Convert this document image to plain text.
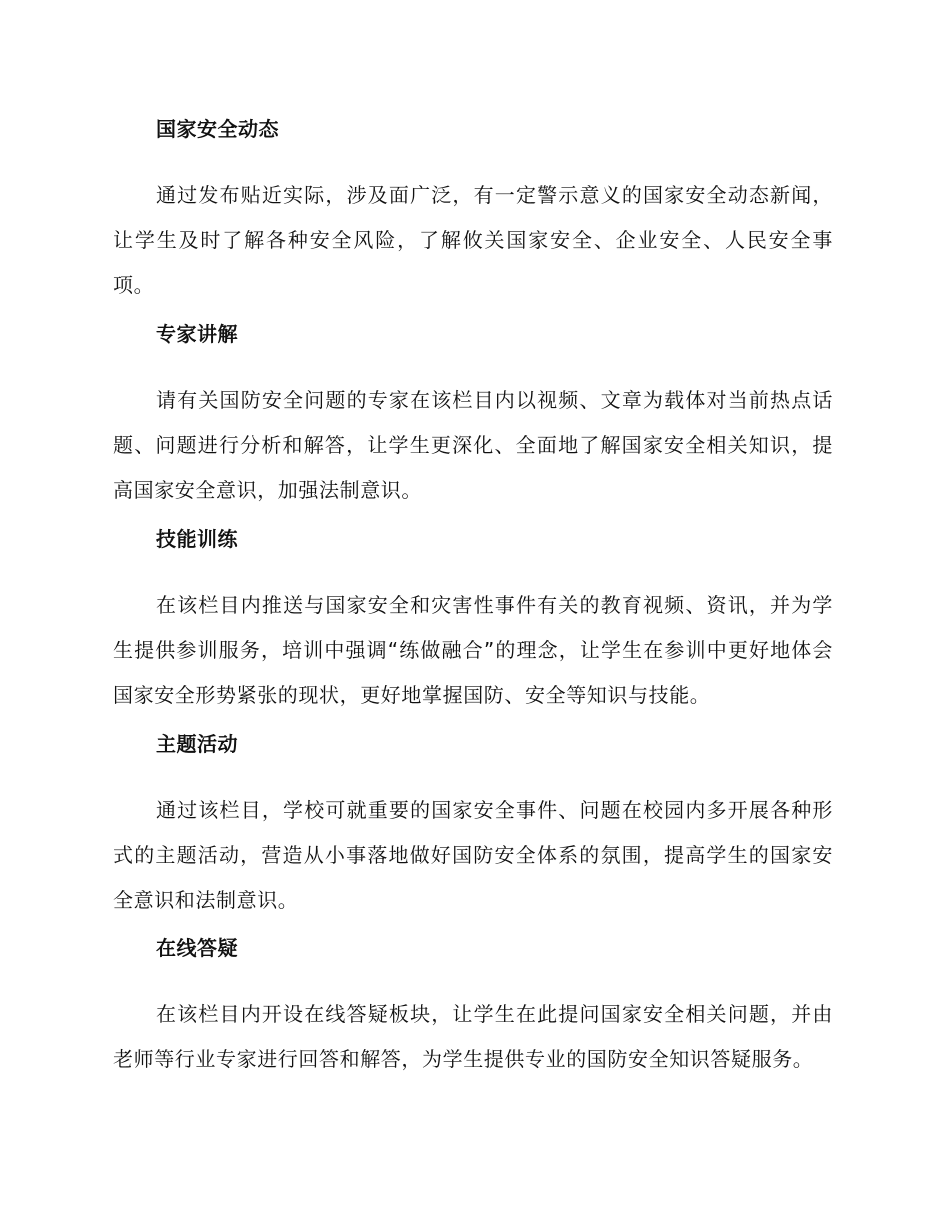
国家安全动态

通过发布贴近实际，涉及面广泛，有一定警示意义的国家安全动态新闻，让学生及时了解各种安全风险，了解攸关国家安全、企业安全、人民安全事项。

专家讲解

请有关国防安全问题的专家在该栏目内以视频、文章为载体对当前热点话题、问题进行分析和解答，让学生更深化、全面地了解国家安全相关知识，提高国家安全意识，加强法制意识。

技能训练

在该栏目内推送与国家安全和灾害性事件有关的教育视频、资讯，并为学生提供参训服务，培训中强调“练做融合”的理念，让学生在参训中更好地体会国家安全形势紧张的现状，更好地掌握国防、安全等知识与技能。

主题活动

通过该栏目，学校可就重要的国家安全事件、问题在校园内多开展各种形式的主题活动，营造从小事落地做好国防安全体系的氛围，提高学生的国家安全意识和法制意识。

在线答疑

在该栏目内开设在线答疑板块，让学生在此提问国家安全相关问题，并由老师等行业专家进行回答和解答，为学生提供专业的国防安全知识答疑服务。
